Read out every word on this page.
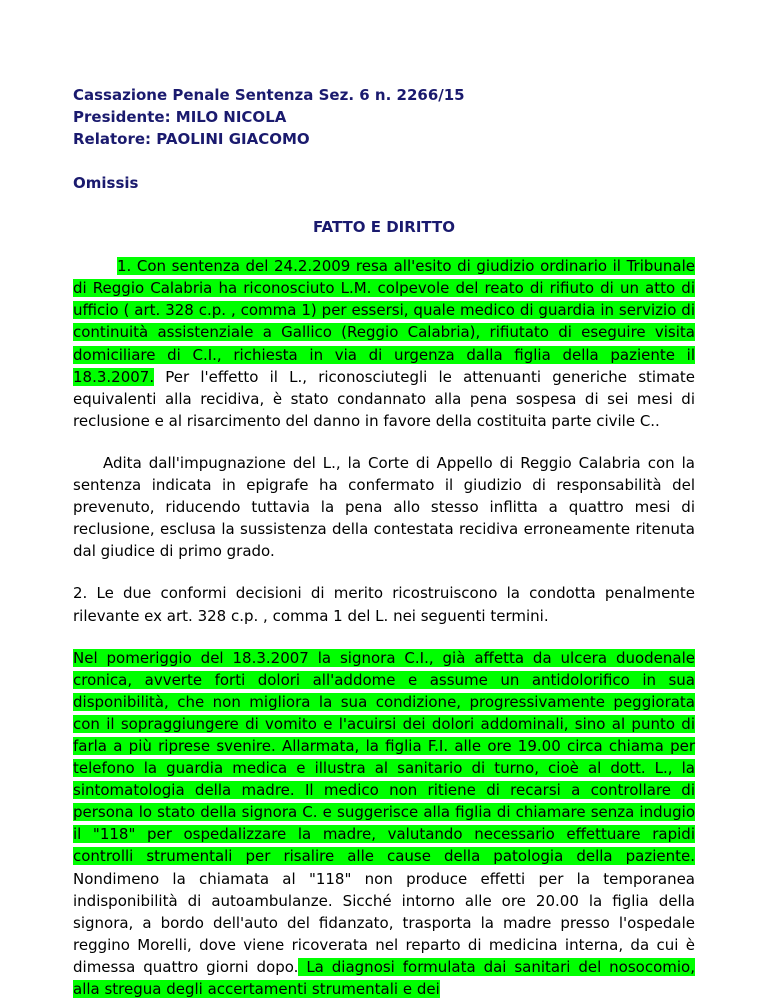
Cassazione Penale Sentenza Sez. 6 n. 2266/15
Presidente: MILO NICOLA
Relatore: PAOLINI GIACOMO
Omissis
FATTO E DIRITTO

1. Con sentenza del 24.2.2009 resa all'esito di giudizio ordinario il Tribunale di Reggio Calabria ha riconosciuto L.M. colpevole del reato di rifiuto di un atto di ufficio ( art. 328 c.p. , comma 1) per essersi, quale medico di guardia in servizio di continuità assistenziale a Gallico (Reggio Calabria), rifiutato di eseguire visita domiciliare di C.I., richiesta in via di urgenza dalla figlia della paziente il 18.3.2007. Per l'effetto il L., riconosciutegli le attenuanti generiche stimate equivalenti alla recidiva, è stato condannato alla pena sospesa di sei mesi di reclusione e al risarcimento del danno in favore della costituita parte civile C..

Adita dall'impugnazione del L., la Corte di Appello di Reggio Calabria con la sentenza indicata in epigrafe ha confermato il giudizio di responsabilità del prevenuto, riducendo tuttavia la pena allo stesso inflitta a quattro mesi di reclusione, esclusa la sussistenza della contestata recidiva erroneamente ritenuta dal giudice di primo grado.

2. Le due conformi decisioni di merito ricostruiscono la condotta penalmente rilevante ex art. 328 c.p. , comma 1 del L. nei seguenti termini.

Nel pomeriggio del 18.3.2007 la signora C.I., già affetta da ulcera duodenale cronica, avverte forti dolori all'addome e assume un antidolorifico in sua disponibilità, che non migliora la sua condizione, progressivamente peggiorata con il sopraggiungere di vomito e l'acuirsi dei dolori addominali, sino al punto di farla a più riprese svenire. Allarmata, la figlia F.I. alle ore 19.00 circa chiama per telefono la guardia medica e illustra al sanitario di turno, cioè al dott. L., la sintomatologia della madre. Il medico non ritiene di recarsi a controllare di persona lo stato della signora C. e suggerisce alla figlia di chiamare senza indugio il "118" per ospedalizzare la madre, valutando necessario effettuare rapidi controlli strumentali per risalire alle cause della patologia della paziente. Nondimeno la chiamata al "118" non produce effetti per la temporanea indisponibilità di autoambulanze. Sicché intorno alle ore 20.00 la figlia della signora, a bordo dell'auto del fidanzato, trasporta la madre presso l'ospedale reggino Morelli, dove viene ricoverata nel reparto di medicina interna, da cui è dimessa quattro giorni dopo. La diagnosi formulata dai sanitari del nosocomio, alla stregua degli accertamenti strumentali e dei
